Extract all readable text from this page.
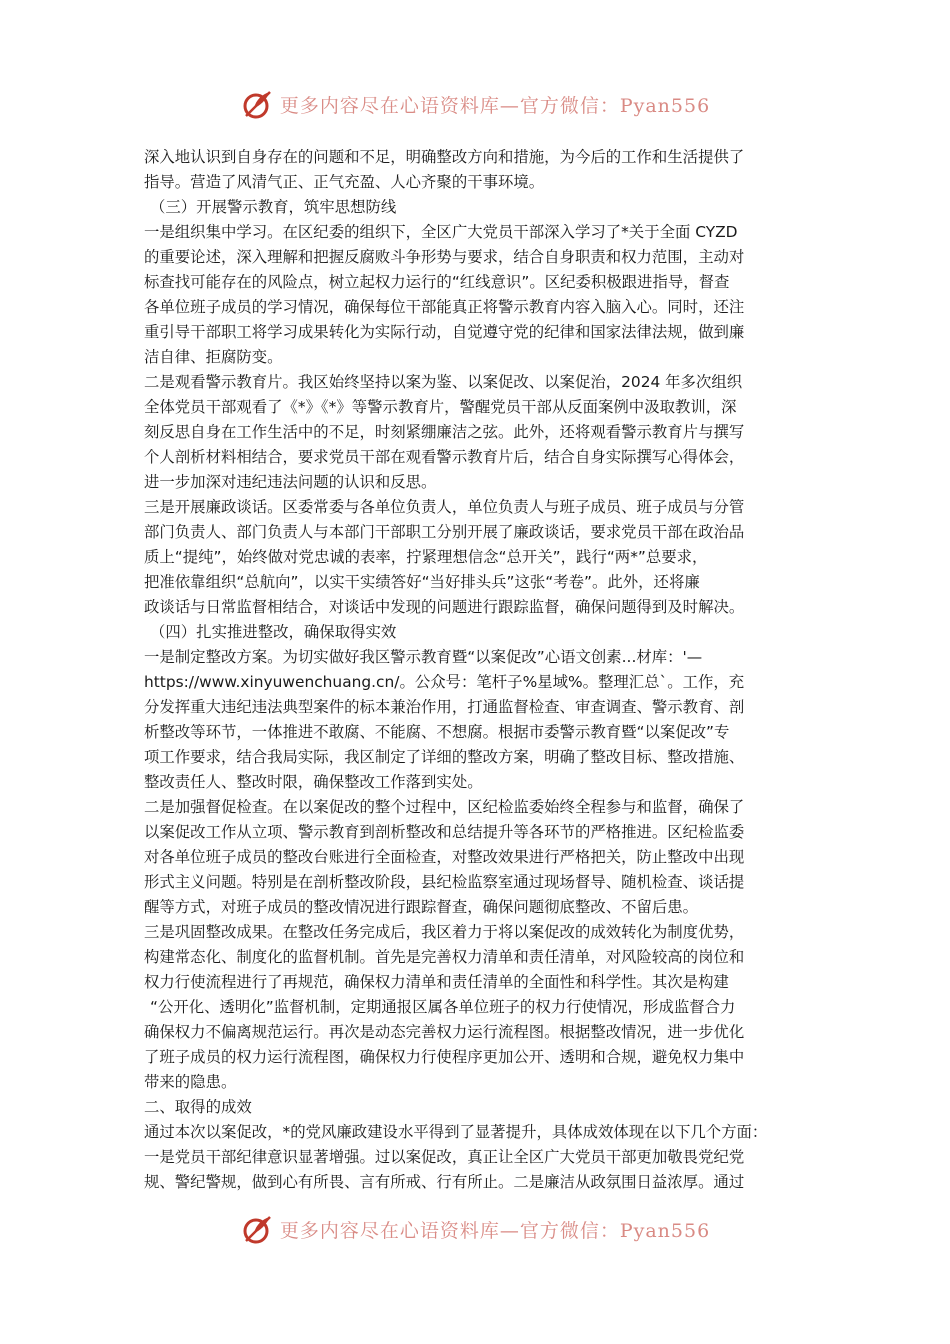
更多内容尽在心语资料库—官方微信：Pyan556

深入地认识到自身存在的问题和不足，明确整改方向和措施，为今后的工作和生活提供了

指导。营造了风清气正、正气充盈、人心齐聚的干事环境。

（三）开展警示教育，筑牢思想防线

一是组织集中学习。在区纪委的组织下，全区广大党员干部深入学习了*关于全面 CYZD

的重要论述，深入理解和把握反腐败斗争形势与要求，结合自身职责和权力范围，主动对

标查找可能存在的风险点，树立起权力运行的“红线意识”。区纪委积极跟进指导，督查

各单位班子成员的学习情况，确保每位干部能真正将警示教育内容入脑入心。同时，还注

重引导干部职工将学习成果转化为实际行动，自觉遵守党的纪律和国家法律法规，做到廉

洁自律、拒腐防变。

二是观看警示教育片。我区始终坚持以案为鉴、以案促改、以案促治，2024 年多次组织

全体党员干部观看了《*》《*》等警示教育片，警醒党员干部从反面案例中汲取教训，深

刻反思自身在工作生活中的不足，时刻紧绷廉洁之弦。此外，还将观看警示教育片与撰写

个人剖析材料相结合，要求党员干部在观看警示教育片后，结合自身实际撰写心得体会，

进一步加深对违纪违法问题的认识和反思。

三是开展廉政谈话。区委常委与各单位负责人，单位负责人与班子成员、班子成员与分管

部门负责人、部门负责人与本部门干部职工分别开展了廉政谈话，要求党员干部在政治品

质上“提纯”，始终做对党忠诚的表率，拧紧理想信念“总开关”，践行“两*”总要求，

把准依靠组织“总航向”，以实干实绩答好“当好排头兵”这张“考卷”。此外，还将廉

政谈话与日常监督相结合，对谈话中发现的问题进行跟踪监督，确保问题得到及时解决。

（四）扎实推进整改，确保取得实效

一是制定整改方案。为切实做好我区警示教育暨“以案促改”心语文创素...材库：'—

https://www.xinyuwenchuang.cn/。公众号：笔杆子%星域%。整理汇总`。工作，充

分发挥重大违纪违法典型案件的标本兼治作用，打通监督检查、审查调查、警示教育、剖

析整改等环节，一体推进不敢腐、不能腐、不想腐。根据市委警示教育暨“以案促改”专

项工作要求，结合我局实际，我区制定了详细的整改方案，明确了整改目标、整改措施、

整改责任人、整改时限，确保整改工作落到实处。

二是加强督促检查。在以案促改的整个过程中，区纪检监委始终全程参与和监督，确保了

以案促改工作从立项、警示教育到剖析整改和总结提升等各环节的严格推进。区纪检监委

对各单位班子成员的整改台账进行全面检查，对整改效果进行严格把关，防止整改中出现

形式主义问题。特别是在剖析整改阶段，县纪检监察室通过现场督导、随机检查、谈话提

醒等方式，对班子成员的整改情况进行跟踪督查，确保问题彻底整改、不留后患。

三是巩固整改成果。在整改任务完成后，我区着力于将以案促改的成效转化为制度优势，

构建常态化、制度化的监督机制。首先是完善权力清单和责任清单，对风险较高的岗位和

权力行使流程进行了再规范，确保权力清单和责任清单的全面性和科学性。其次是构建

“公开化、透明化”监督机制，定期通报区属各单位班子的权力行使情况，形成监督合力

确保权力不偏离规范运行。再次是动态完善权力运行流程图。根据整改情况，进一步优化

了班子成员的权力运行流程图，确保权力行使程序更加公开、透明和合规，避免权力集中

带来的隐患。

二、取得的成效

通过本次以案促改，*的党风廉政建设水平得到了显著提升，具体成效体现在以下几个方面：

一是党员干部纪律意识显著增强。过以案促改，真正让全区广大党员干部更加敬畏党纪党

规、警纪警规，做到心有所畏、言有所戒、行有所止。二是廉洁从政氛围日益浓厚。通过

更多内容尽在心语资料库—官方微信：Pyan556
